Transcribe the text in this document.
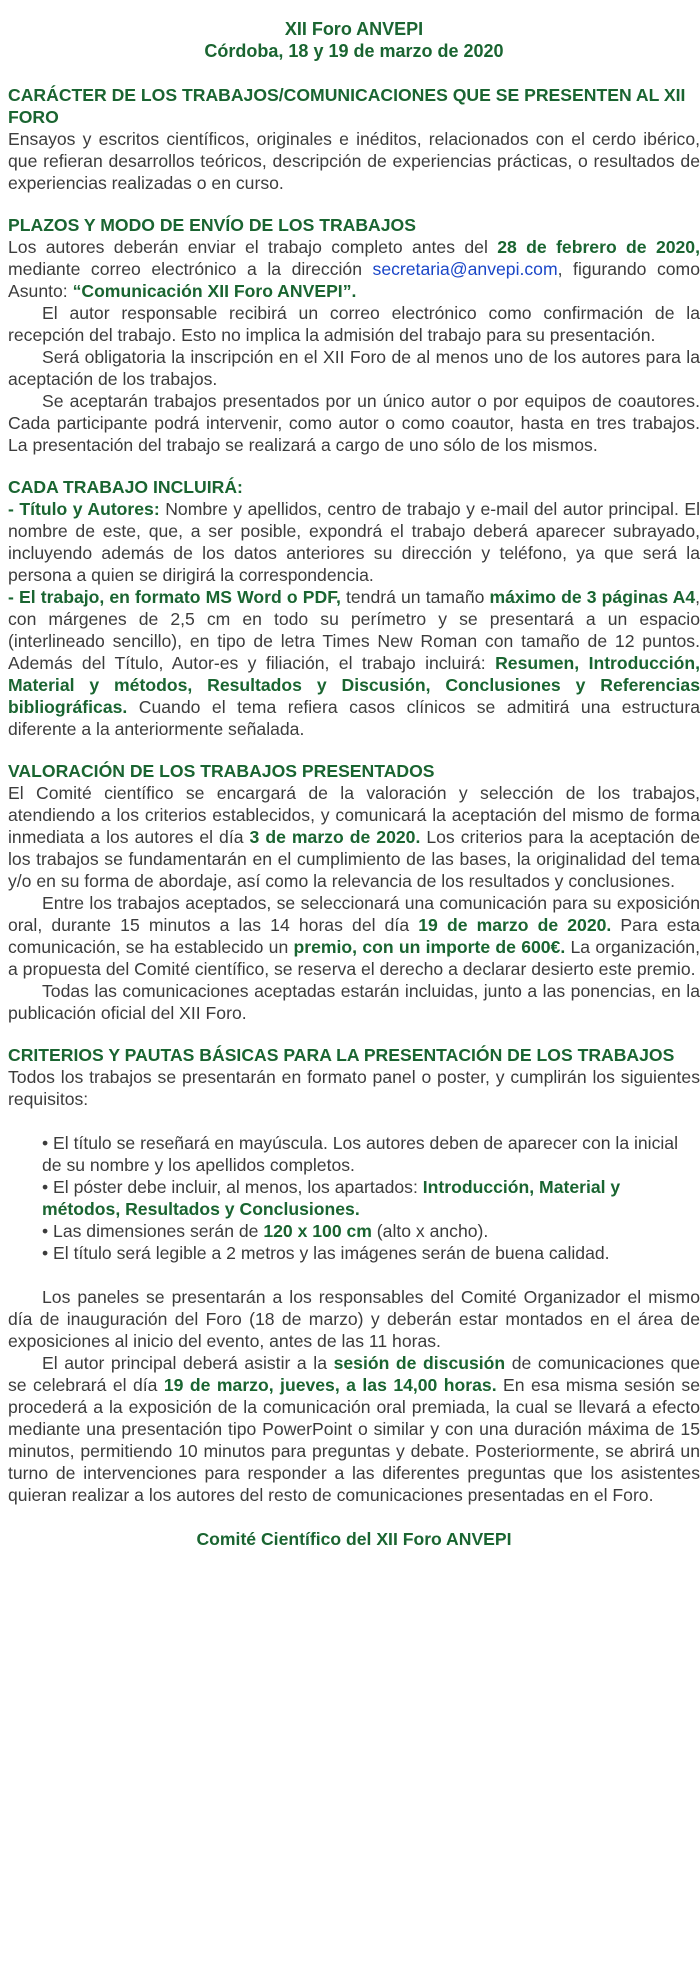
XII Foro ANVEPI
Córdoba, 18 y 19 de marzo de 2020
CARÁCTER DE LOS TRABAJOS/COMUNICACIONES QUE SE PRESENTEN AL XII FORO

Ensayos y escritos científicos, originales e inéditos, relacionados con el cerdo ibérico, que refieran desarrollos teóricos, descripción de experiencias prácticas, o resultados de experiencias realizadas o en curso.

PLAZOS Y MODO DE ENVÍO DE LOS TRABAJOS

Los autores deberán enviar el trabajo completo antes del 28 de febrero de 2020, mediante correo electrónico a la dirección secretaria@anvepi.com, figurando como Asunto: “Comunicación XII Foro ANVEPI”.

El autor responsable recibirá un correo electrónico como confirmación de la recepción del trabajo. Esto no implica la admisión del trabajo para su presentación.

Será obligatoria la inscripción en el XII Foro de al menos uno de los autores para la aceptación de los trabajos.

Se aceptarán trabajos presentados por un único autor o por equipos de coautores. Cada participante podrá intervenir, como autor o como coautor, hasta en tres trabajos. La presentación del trabajo se realizará a cargo de uno sólo de los mismos.

CADA TRABAJO INCLUIRÁ:

- Título y Autores: Nombre y apellidos, centro de trabajo y e-mail del autor principal. El nombre de este, que, a ser posible, expondrá el trabajo deberá aparecer subrayado, incluyendo además de los datos anteriores su dirección y teléfono, ya que será la persona a quien se dirigirá la correspondencia.

- El trabajo, en formato MS Word o PDF, tendrá un tamaño máximo de 3 páginas A4, con márgenes de 2,5 cm en todo su perímetro y se presentará a un espacio (interlineado sencillo), en tipo de letra Times New Roman con tamaño de 12 puntos. Además del Título, Autor-es y filiación, el trabajo incluirá: Resumen, Introducción, Material y métodos, Resultados y Discusión, Conclusiones y Referencias bibliográficas. Cuando el tema refiera casos clínicos se admitirá una estructura diferente a la anteriormente señalada.

VALORACIÓN DE LOS TRABAJOS PRESENTADOS

El Comité científico se encargará de la valoración y selección de los trabajos, atendiendo a los criterios establecidos, y comunicará la aceptación del mismo de forma inmediata a los autores el día 3 de marzo de 2020. Los criterios para la aceptación de los trabajos se fundamentarán en el cumplimiento de las bases, la originalidad del tema y/o en su forma de abordaje, así como la relevancia de los resultados y conclusiones.

Entre los trabajos aceptados, se seleccionará una comunicación para su exposición oral, durante 15 minutos a las 14 horas del día 19 de marzo de 2020. Para esta comunicación, se ha establecido un premio, con un importe de 600€. La organización, a propuesta del Comité científico, se reserva el derecho a declarar desierto este premio.

Todas las comunicaciones aceptadas estarán incluidas, junto a las ponencias, en la publicación oficial del XII Foro.

CRITERIOS Y PAUTAS BÁSICAS PARA LA PRESENTACIÓN DE LOS TRABAJOS

Todos los trabajos se presentarán en formato panel o poster, y cumplirán los siguientes requisitos:

• El título se reseñará en mayúscula. Los autores deben de aparecer con la inicial de su nombre y los apellidos completos.
• El póster debe incluir, al menos, los apartados: Introducción, Material y métodos, Resultados y Conclusiones.
• Las dimensiones serán de 120 x 100 cm (alto x ancho).
• El título será legible a 2 metros y las imágenes serán de buena calidad.

Los paneles se presentarán a los responsables del Comité Organizador el mismo día de inauguración del Foro (18 de marzo) y deberán estar montados en el área de exposiciones al inicio del evento, antes de las 11 horas.

El autor principal deberá asistir a la sesión de discusión de comunicaciones que se celebrará el día 19 de marzo, jueves, a las 14,00 horas. En esa misma sesión se procederá a la exposición de la comunicación oral premiada, la cual se llevará a efecto mediante una presentación tipo PowerPoint o similar y con una duración máxima de 15 minutos, permitiendo 10 minutos para preguntas y debate. Posteriormente, se abrirá un turno de intervenciones para responder a las diferentes preguntas que los asistentes quieran realizar a los autores del resto de comunicaciones presentadas en el Foro.

Comité Científico del XII Foro ANVEPI
